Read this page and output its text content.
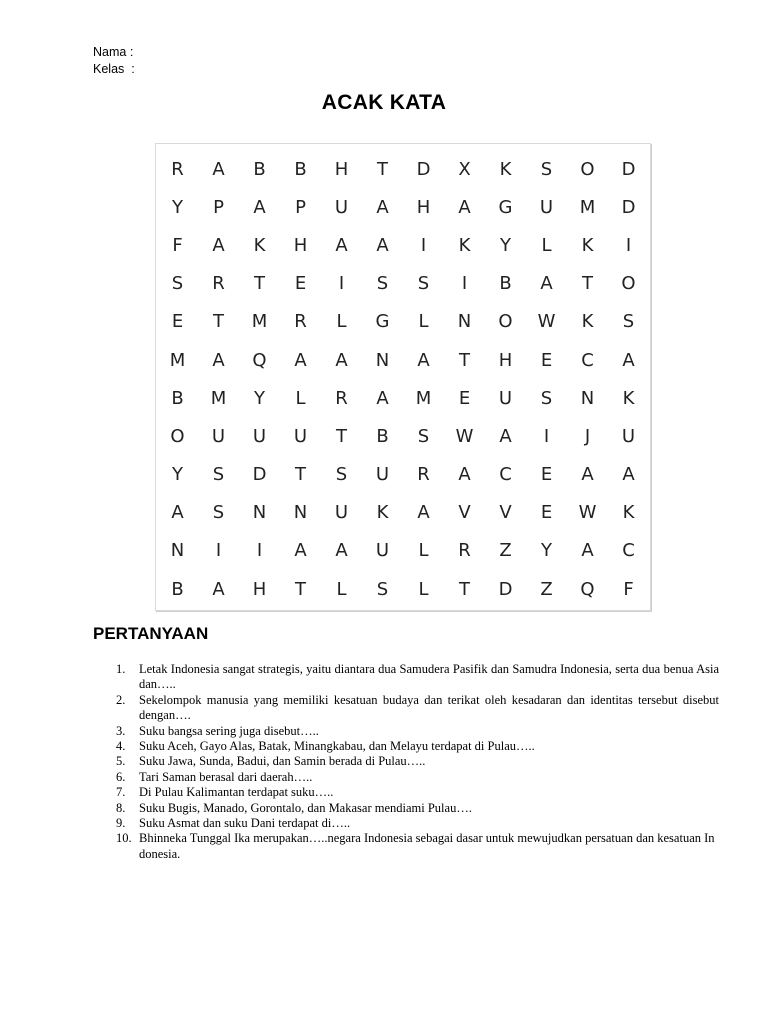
Nama :
Kelas  :
ACAK KATA
R	A	B	B	H	T	D	X	K	S	O	D
Y	P	A	P	U	A	H	A	G	U	M	D
F	A	K	H	A	A	I	K	Y	L	K	I
S	R	T	E	I	S	S	I	B	A	T	O
E	T	M	R	L	G	L	N	O	W	K	S
M	A	Q	A	A	N	A	T	H	E	C	A
B	M	Y	L	R	A	M	E	U	S	N	K
O	U	U	U	T	B	S	W	A	I	J	U
Y	S	D	T	S	U	R	A	C	E	A	A
A	S	N	N	U	K	A	V	V	E	W	K
N	I	I	A	A	U	L	R	Z	Y	A	C
B	A	H	T	L	S	L	T	D	Z	Q	F
PERTANYAAN
1.	Letak Indonesia sangat strategis, yaitu diantara dua Samudera Pasifik dan Samudra Indonesia, serta dua benua Asia dan…..
2.	Sekelompok manusia yang memiliki kesatuan budaya dan terikat oleh kesadaran dan identitas tersebut disebut dengan….
3.	Suku bangsa sering juga disebut…..
4.	Suku Aceh, Gayo Alas, Batak, Minangkabau, dan Melayu terdapat di Pulau…..
5.	Suku Jawa, Sunda, Badui, dan Samin berada di Pulau…..
6.	Tari Saman berasal dari daerah…..
7.	Di Pulau Kalimantan terdapat suku…..
8.	Suku Bugis, Manado, Gorontalo, dan Makasar mendiami Pulau….
9.	Suku Asmat dan suku Dani terdapat di…..
10. Bhinneka Tunggal Ika merupakan…..negara Indonesia sebagai dasar untuk mewujudkan persatuan dan kesatuan Indonesia.
